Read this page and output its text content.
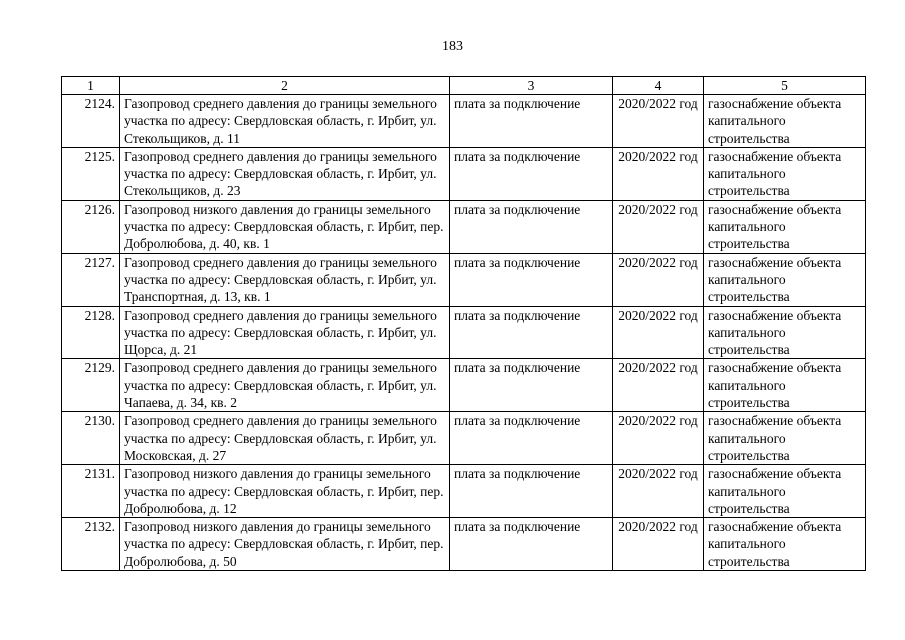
183
1	2	3	4	5
2124.	Газопровод среднего давления до границы земельного участка по адресу: Свердловская область, г. Ирбит, ул. Стекольщиков, д. 11	плата за подключение	2020/2022 год	газоснабжение объекта капитального строительства
2125.	Газопровод среднего давления до границы земельного участка по адресу: Свердловская область, г. Ирбит, ул. Стекольщиков, д. 23	плата за подключение	2020/2022 год	газоснабжение объекта капитального строительства
2126.	Газопровод низкого давления до границы земельного участка по адресу: Свердловская область, г. Ирбит, пер. Добролюбова, д. 40, кв. 1	плата за подключение	2020/2022 год	газоснабжение объекта капитального строительства
2127.	Газопровод среднего давления до границы земельного участка по адресу: Свердловская область, г. Ирбит, ул. Транспортная, д. 13, кв. 1	плата за подключение	2020/2022 год	газоснабжение объекта капитального строительства
2128.	Газопровод среднего давления до границы земельного участка по адресу: Свердловская область, г. Ирбит, ул. Щорса, д. 21	плата за подключение	2020/2022 год	газоснабжение объекта капитального строительства
2129.	Газопровод среднего давления до границы земельного участка по адресу: Свердловская область, г. Ирбит, ул. Чапаева, д. 34, кв. 2	плата за подключение	2020/2022 год	газоснабжение объекта капитального строительства
2130.	Газопровод среднего давления до границы земельного участка по адресу: Свердловская область, г. Ирбит, ул. Московская, д. 27	плата за подключение	2020/2022 год	газоснабжение объекта капитального строительства
2131.	Газопровод низкого давления до границы земельного участка по адресу: Свердловская область, г. Ирбит, пер. Добролюбова, д. 12	плата за подключение	2020/2022 год	газоснабжение объекта капитального строительства
2132.	Газопровод низкого давления до границы земельного участка по адресу: Свердловская область, г. Ирбит, пер. Добролюбова, д. 50	плата за подключение	2020/2022 год	газоснабжение объекта капитального строительства
